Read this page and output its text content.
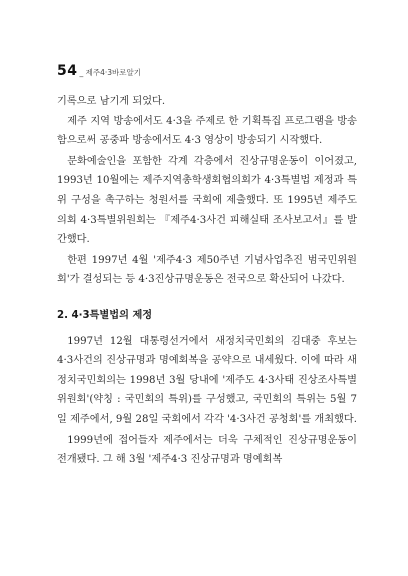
54 _ 제주4·3바로알기

기록으로 남기게 되었다.

제주 지역 방송에서도 4·3을 주제로 한 기획특집 프로그램을 방송함으로써 공중파 방송에서도 4·3 영상이 방송되기 시작했다.

문화예술인을 포함한 각계 각층에서 진상규명운동이 이어졌고, 1993년 10월에는 제주지역총학생회협의회가 4·3특별법 제정과 특위 구성을 촉구하는 청원서를 국회에 제출했다. 또 1995년 제주도의회 4·3특별위원회는 『제주4·3사건 피해실태 조사보고서』를 발간했다.

한편 1997년 4월 '제주4·3 제50주년 기념사업추진 범국민위원회'가 결성되는 등 4·3진상규명운동은 전국으로 확산되어 나갔다.

2. 4·3특별법의 제정

1997년 12월 대통령선거에서 새정치국민회의 김대중 후보는 4·3사건의 진상규명과 명예회복을 공약으로 내세웠다. 이에 따라 새정치국민회의는 1998년 3월 당내에 '제주도 4·3사태 진상조사특별위원회'(약칭 : 국민회의 특위)를 구성했고, 국민회의 특위는 5월 7일 제주에서, 9월 28일 국회에서 각각 '4·3사건 공청회'를 개최했다.

1999년에 접어들자 제주에서는 더욱 구체적인 진상규명운동이 전개됐다. 그 해 3월 '제주4·3 진상규명과 명예회복
